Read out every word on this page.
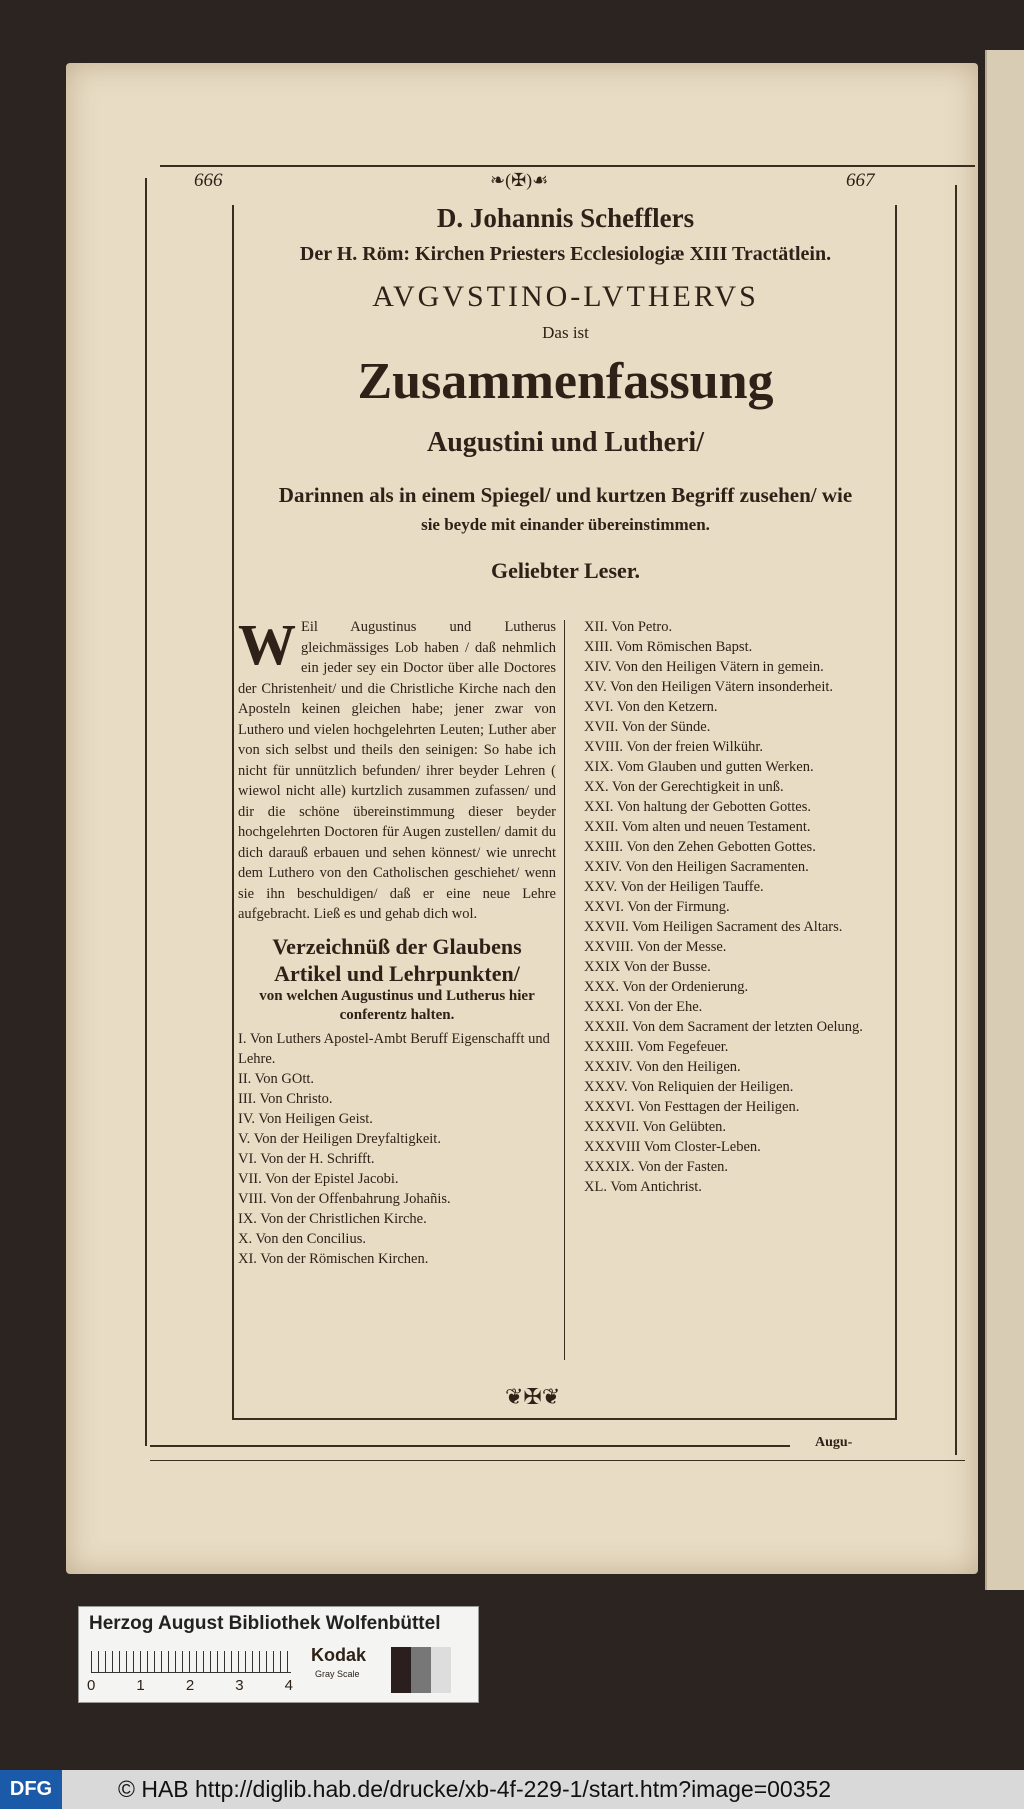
666	❧(✠)☙	667
Augu-
D. Johannis Schefflers
Der H. Röm: Kirchen Priesters Ecclesiologiæ XIII Tractätlein.
AVGVSTINO-LVTHERVS
Das ist
Zusammenfassung
Augustini und Lutheri/
Darinnen als in einem Spiegel/ und kurtzen Begriff zusehen/ wie
sie beyde mit einander übereinstimmen.
Geliebter Leser.
W Eil Augustinus und Lutherus gleichmässiges Lob haben / daß nehmlich ein jeder sey ein Doctor über alle Doctores der Christenheit/ und die Christliche Kirche nach den Aposteln keinen gleichen habe; jener zwar von Luthero und vielen hochgelehrten Leuten; Luther aber von sich selbst und theils den seinigen: So habe ich nicht für unnützlich befunden/ ihrer beyder Lehren ( wiewol nicht alle) kurtzlich zusammen zufassen/ und dir die schöne übereinstimmung dieser beyder hochgelehrten Doctoren für Augen zustellen/ damit du dich darauß erbauen und sehen könnest/ wie unrecht dem Luthero von den Catholischen geschiehet/ wenn sie ihn beschuldigen/ daß er eine neue Lehre aufgebracht. Ließ es und gehab dich wol.
Verzeichnüß der Glaubens Artikel und Lehrpunkten/
von welchen Augustinus und Lutherus hier conferentz halten.

I. Von Luthers Apostel-Ambt Beruff Eigenschafft und Lehre.

II. Von GOtt.

III. Von Christo.

IV. Von Heiligen Geist.

V. Von der Heiligen Dreyfaltigkeit.

VI. Von der H. Schrifft.

VII. Von der Epistel Jacobi.

VIII. Von der Offenbahrung Johañis.

IX. Von der Christlichen Kirche.

X. Von den Concilius.

XI. Von der Römischen Kirchen.

XII. Von Petro.

XIII. Vom Römischen Bapst.

XIV. Von den Heiligen Vätern in gemein.

XV. Von den Heiligen Vätern insonderheit.

XVI. Von den Ketzern.

XVII. Von der Sünde.

XVIII. Von der freien Wilkühr.

XIX. Vom Glauben und gutten Werken.

XX. Von der Gerechtigkeit in unß.

XXI. Von haltung der Gebotten Gottes.

XXII. Vom alten und neuen Testament.

XXIII. Von den Zehen Gebotten Gottes.

XXIV. Von den Heiligen Sacramenten.

XXV. Von der Heiligen Tauffe.

XXVI. Von der Firmung.

XXVII. Vom Heiligen Sacrament des Altars.

XXVIII. Von der Messe.

XXIX Von der Busse.

XXX. Von der Ordenierung.

XXXI. Von der Ehe.

XXXII. Von dem Sacrament der letzten Oelung.

XXXIII. Vom Fegefeuer.

XXXIV. Von den Heiligen.

XXXV. Von Reliquien der Heiligen.

XXXVI. Von Festtagen der Heiligen.

XXXVII. Von Gelübten.

XXXVIII Vom Closter-Leben.

XXXIX. Von der Fasten.

XL. Vom Antichrist.

❦✠❦
Herzog August Bibliothek Wolfenbüttel
0	1	2	3	4
Kodak
Gray Scale
DFG	© HAB http://diglib.hab.de/drucke/xb-4f-229-1/start.htm?image=00352
